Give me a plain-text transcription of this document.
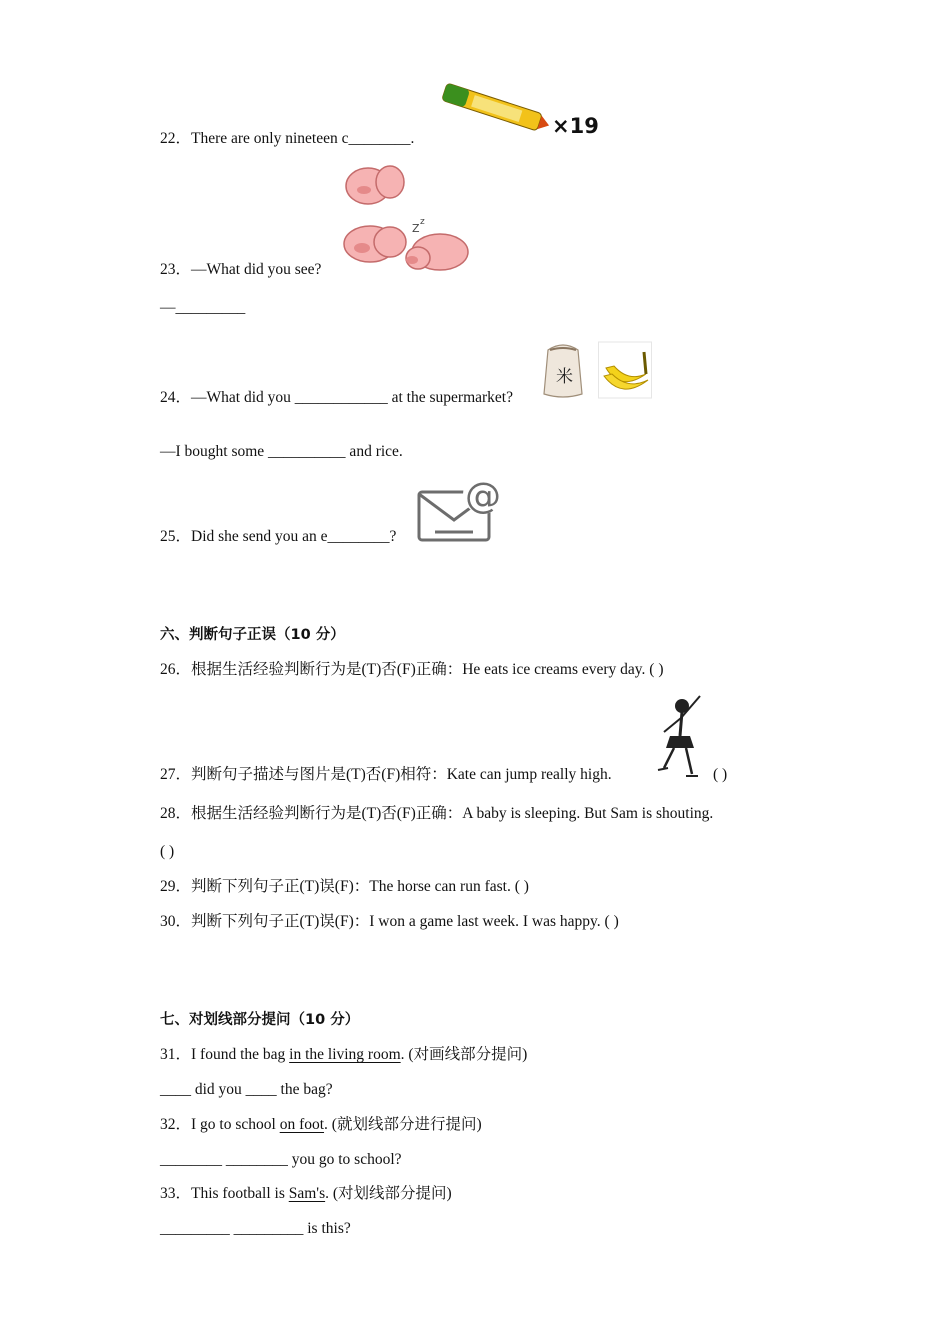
22．There are only nineteen c________.
×19
Z z
23．—What did you see?
—_________
米
24．—What did you ____________ at the supermarket?
—I bought some __________ and rice.
@
25．Did she send you an e________?
六、判断句子正误（10 分）
26．根据生活经验判断行为是(T)否(F)正确：He eats ice creams every day. ( )
27．判断句子描述与图片是(T)否(F)相符：Kate can jump really high.	( )
28．根据生活经验判断行为是(T)否(F)正确：A baby is sleeping. But Sam is shouting.
( )
29．判断下列句子正(T)误(F)：The horse can run fast. ( )
30．判断下列句子正(T)误(F)：I won a game last week. I was happy. ( )
七、对划线部分提问（10 分）
31．I found the bag in the living room. (对画线部分提问)
____ did you ____ the bag?
32．I go to school on foot. (就划线部分进行提问)
________ ________ you go to school?
33．This football is Sam's. (对划线部分提问)
_________ _________ is this?
